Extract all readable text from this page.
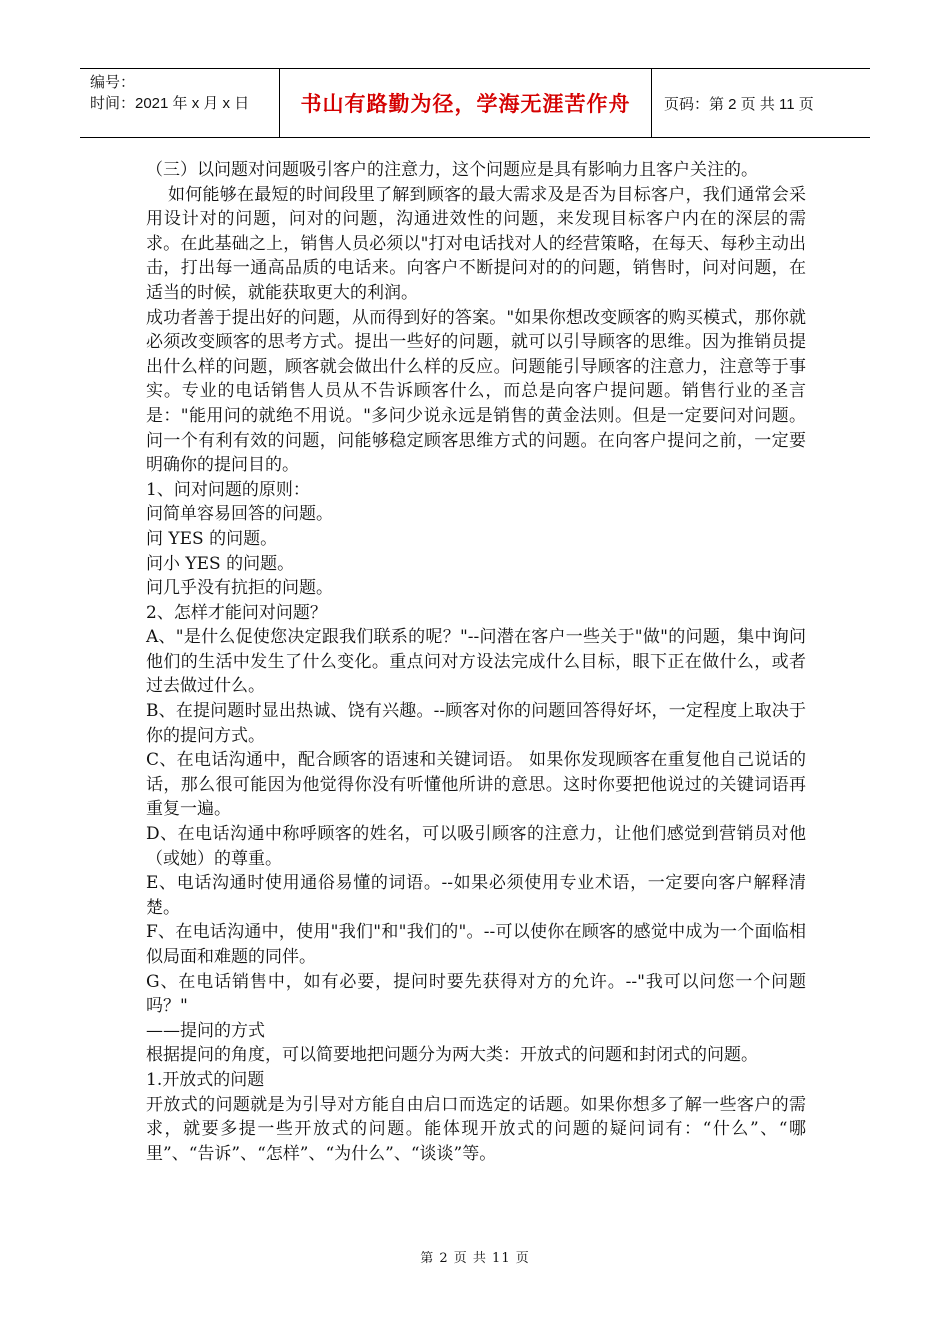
编号：
时间：2021 年 x 月 x 日	书山有路勤为径，学海无涯苦作舟	页码：第 2 页 共 11 页

（三）以问题对问题吸引客户的注意力，这个问题应是具有影响力且客户关注的。

如何能够在最短的时间段里了解到顾客的最大需求及是否为目标客户，我们通常会采用设计对的问题，问对的问题，沟通进效性的问题，来发现目标客户内在的深层的需求。在此基础之上，销售人员必须以"打对电话找对人的经营策略，在每天、每秒主动出击，打出每一通高品质的电话来。向客户不断提问对的的问题，销售时，问对问题，在适当的时候，就能获取更大的利润。

成功者善于提出好的问题，从而得到好的答案。"如果你想改变顾客的购买模式，那你就必须改变顾客的思考方式。提出一些好的问题，就可以引导顾客的思维。因为推销员提出什么样的问题，顾客就会做出什么样的反应。问题能引导顾客的注意力，注意等于事实。专业的电话销售人员从不告诉顾客什么，而总是向客户提问题。销售行业的圣言是："能用问的就绝不用说。"多问少说永远是销售的黄金法则。但是一定要问对问题。问一个有利有效的问题，问能够稳定顾客思维方式的问题。在向客户提问之前，一定要明确你的提问目的。

1、问对问题的原则：

问简单容易回答的问题。

问 YES 的问题。

问小 YES 的问题。

问几乎没有抗拒的问题。

2、怎样才能问对问题？

A、"是什么促使您决定跟我们联系的呢？"--问潜在客户一些关于"做"的问题，集中询问他们的生活中发生了什么变化。重点问对方设法完成什么目标，眼下正在做什么，或者过去做过什么。

B、在提问题时显出热诚、饶有兴趣。--顾客对你的问题回答得好坏，一定程度上取决于你的提问方式。

C、在电话沟通中，配合顾客的语速和关键词语。 如果你发现顾客在重复他自己说话的话，那么很可能因为他觉得你没有听懂他所讲的意思。这时你要把他说过的关键词语再重复一遍。

D、在电话沟通中称呼顾客的姓名，可以吸引顾客的注意力，让他们感觉到营销员对他（或她）的尊重。

E、电话沟通时使用通俗易懂的词语。--如果必须使用专业术语，一定要向客户解释清楚。

F、在电话沟通中，使用"我们"和"我们的"。--可以使你在顾客的感觉中成为一个面临相似局面和难题的同伴。

G、在电话销售中，如有必要，提问时要先获得对方的允许。--"我可以问您一个问题吗？"

——提问的方式

根据提问的角度，可以简要地把问题分为两大类：开放式的问题和封闭式的问题。

1.开放式的问题

开放式的问题就是为引导对方能自由启口而选定的话题。如果你想多了解一些客户的需求，就要多提一些开放式的问题。能体现开放式的问题的疑问词有：“什么”、“哪里”、“告诉”、“怎样”、“为什么”、“谈谈”等。

第 2 页 共 11 页
